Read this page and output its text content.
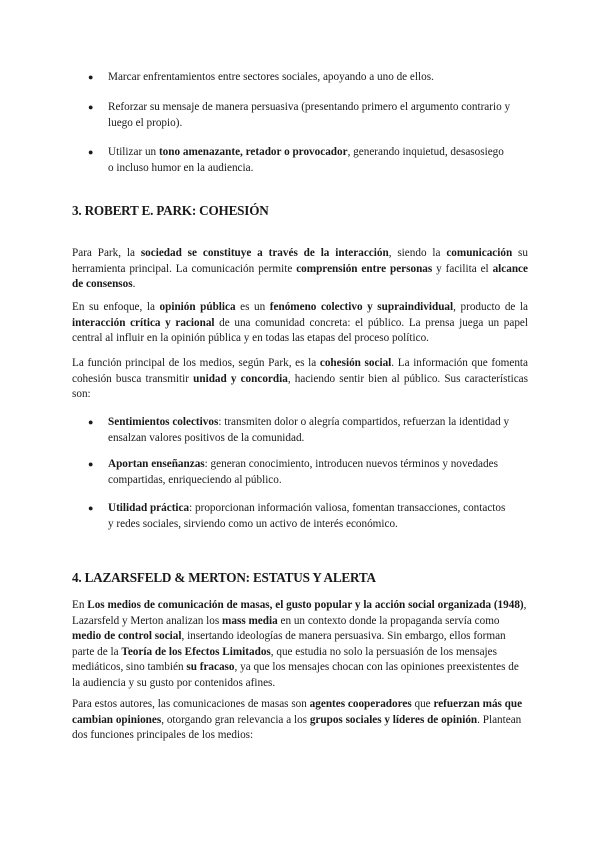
● Marcar enfrentamientos entre sectores sociales, apoyando a uno de ellos.
● Reforzar su mensaje de manera persuasiva (presentando primero el argumento contrario y luego el propio).
● Utilizar un tono amenazante, retador o provocador, generando inquietud, desasosiego o incluso humor en la audiencia.
3. ROBERT E. PARK: COHESIÓN
Para Park, la sociedad se constituye a través de la interacción, siendo la comunicación su herramienta principal. La comunicación permite comprensión entre personas y facilita el alcance de consensos.
En su enfoque, la opinión pública es un fenómeno colectivo y supraindividual, producto de la interacción crítica y racional de una comunidad concreta: el público. La prensa juega un papel central al influir en la opinión pública y en todas las etapas del proceso político.
La función principal de los medios, según Park, es la cohesión social. La información que fomenta cohesión busca transmitir unidad y concordia, haciendo sentir bien al público. Sus características son:
● Sentimientos colectivos: transmiten dolor o alegría compartidos, refuerzan la identidad y ensalzan valores positivos de la comunidad.
● Aportan enseñanzas: generan conocimiento, introducen nuevos términos y novedades compartidas, enriqueciendo al público.
● Utilidad práctica: proporcionan información valiosa, fomentan transacciones, contactos y redes sociales, sirviendo como un activo de interés económico.
4. LAZARSFELD & MERTON: ESTATUS Y ALERTA
En Los medios de comunicación de masas, el gusto popular y la acción social organizada (1948), Lazarsfeld y Merton analizan los mass media en un contexto donde la propaganda servía como medio de control social, insertando ideologías de manera persuasiva. Sin embargo, ellos forman parte de la Teoría de los Efectos Limitados, que estudia no solo la persuasión de los mensajes mediáticos, sino también su fracaso, ya que los mensajes chocan con las opiniones preexistentes de la audiencia y su gusto por contenidos afines.
Para estos autores, las comunicaciones de masas son agentes cooperadores que refuerzan más que cambian opiniones, otorgando gran relevancia a los grupos sociales y líderes de opinión. Plantean dos funciones principales de los medios:
